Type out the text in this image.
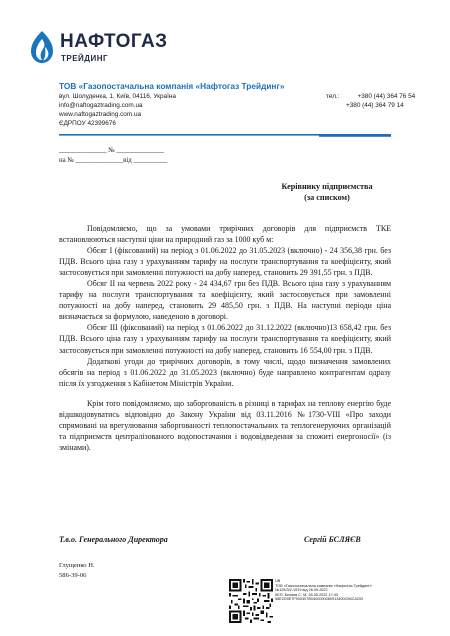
НАФТОГАЗ
ТРЕЙДИНГ
ТОВ «Газопостачальна компанія «Нафтогаз Трейдинг»
вул. Шолуденка, 1, Київ, 04116, Україна
info@naftogaztrading.com.ua
www.naftogaztrading.com.ua
ЄДРПОУ 42399676
тел.:	+380 (44) 364 76 54
+380 (44) 364 79 14
______________ № ______________
на № ______________від __________
Керівнику підприємства
(за списком)

Повідомляємо, що за умовами трирічних договорів для підприємств ТКЕ встановлюються наступні ціни на природний газ за 1000 куб м:

Обсяг І (фіксований) на період з 01.06.2022 до 31.05.2023 (включно) - 24 356,38 грн. без ПДВ. Всього ціна газу з урахуванням тарифу на послуги транспортування та коефіцієнту, який застосовується при замовленні потужності на добу наперед, становить 29 391,55 грн. з ПДВ.

Обсяг ІІ на червень 2022 року - 24 434,67 грн без ПДВ. Всього ціна газу з урахуванням тарифу на послуги транспортування та коефіцієнту, який застосовується при замовленні потужності на добу наперед, становить 29 485,50 грн. з ПДВ. На наступні періоди ціна визначається за формулою, наведеною в договорі.

Обсяг ІІІ (фіксований) на період з 01.06.2022 до 31.12.2022 (включно)13 658,42 грн. без ПДВ. Всього ціна газу з урахуванням тарифу на послуги транспортування та коефіцієнту, який застосовується при замовленні потужності на добу наперед, становить 16 554,00 грн. з ПДВ.

Додаткові угоди до трирічних договорів, в тому числі, щодо визначення замовлених обсягів на період з 01.06.2022 до 31.05.2023 (включно) буде направлено контрагентам одразу після їх узгодження з Кабінетом Міністрів України.

Крім того повідомляємо, що заборгованість в різниці в тарифах на теплову енергію буде відшкодовуватись відповідно до Закону України від 03.11.2016 №1730-VIII «Про заходи спрямовані на врегулювання заборгованості теплопостачальних та теплогенеруючих організацій та підприємств централізованого водопостачання і водовідведення за спожиті енергоносії» (із змінами).

Т.в.о. Генерального Директора	Сергій БСЛЯЄВ
Глущенко Н.
586-39-06
UB
ТОВ «Газопостачальна компанія «Нафтогаз Трейдинг»
№125/3/2-1919 від 26.05.2022
КЕП: Бєляєв С. М. 26.05.2022 17:43
58E2D9E7F900307B0400000080913400C56CA200
